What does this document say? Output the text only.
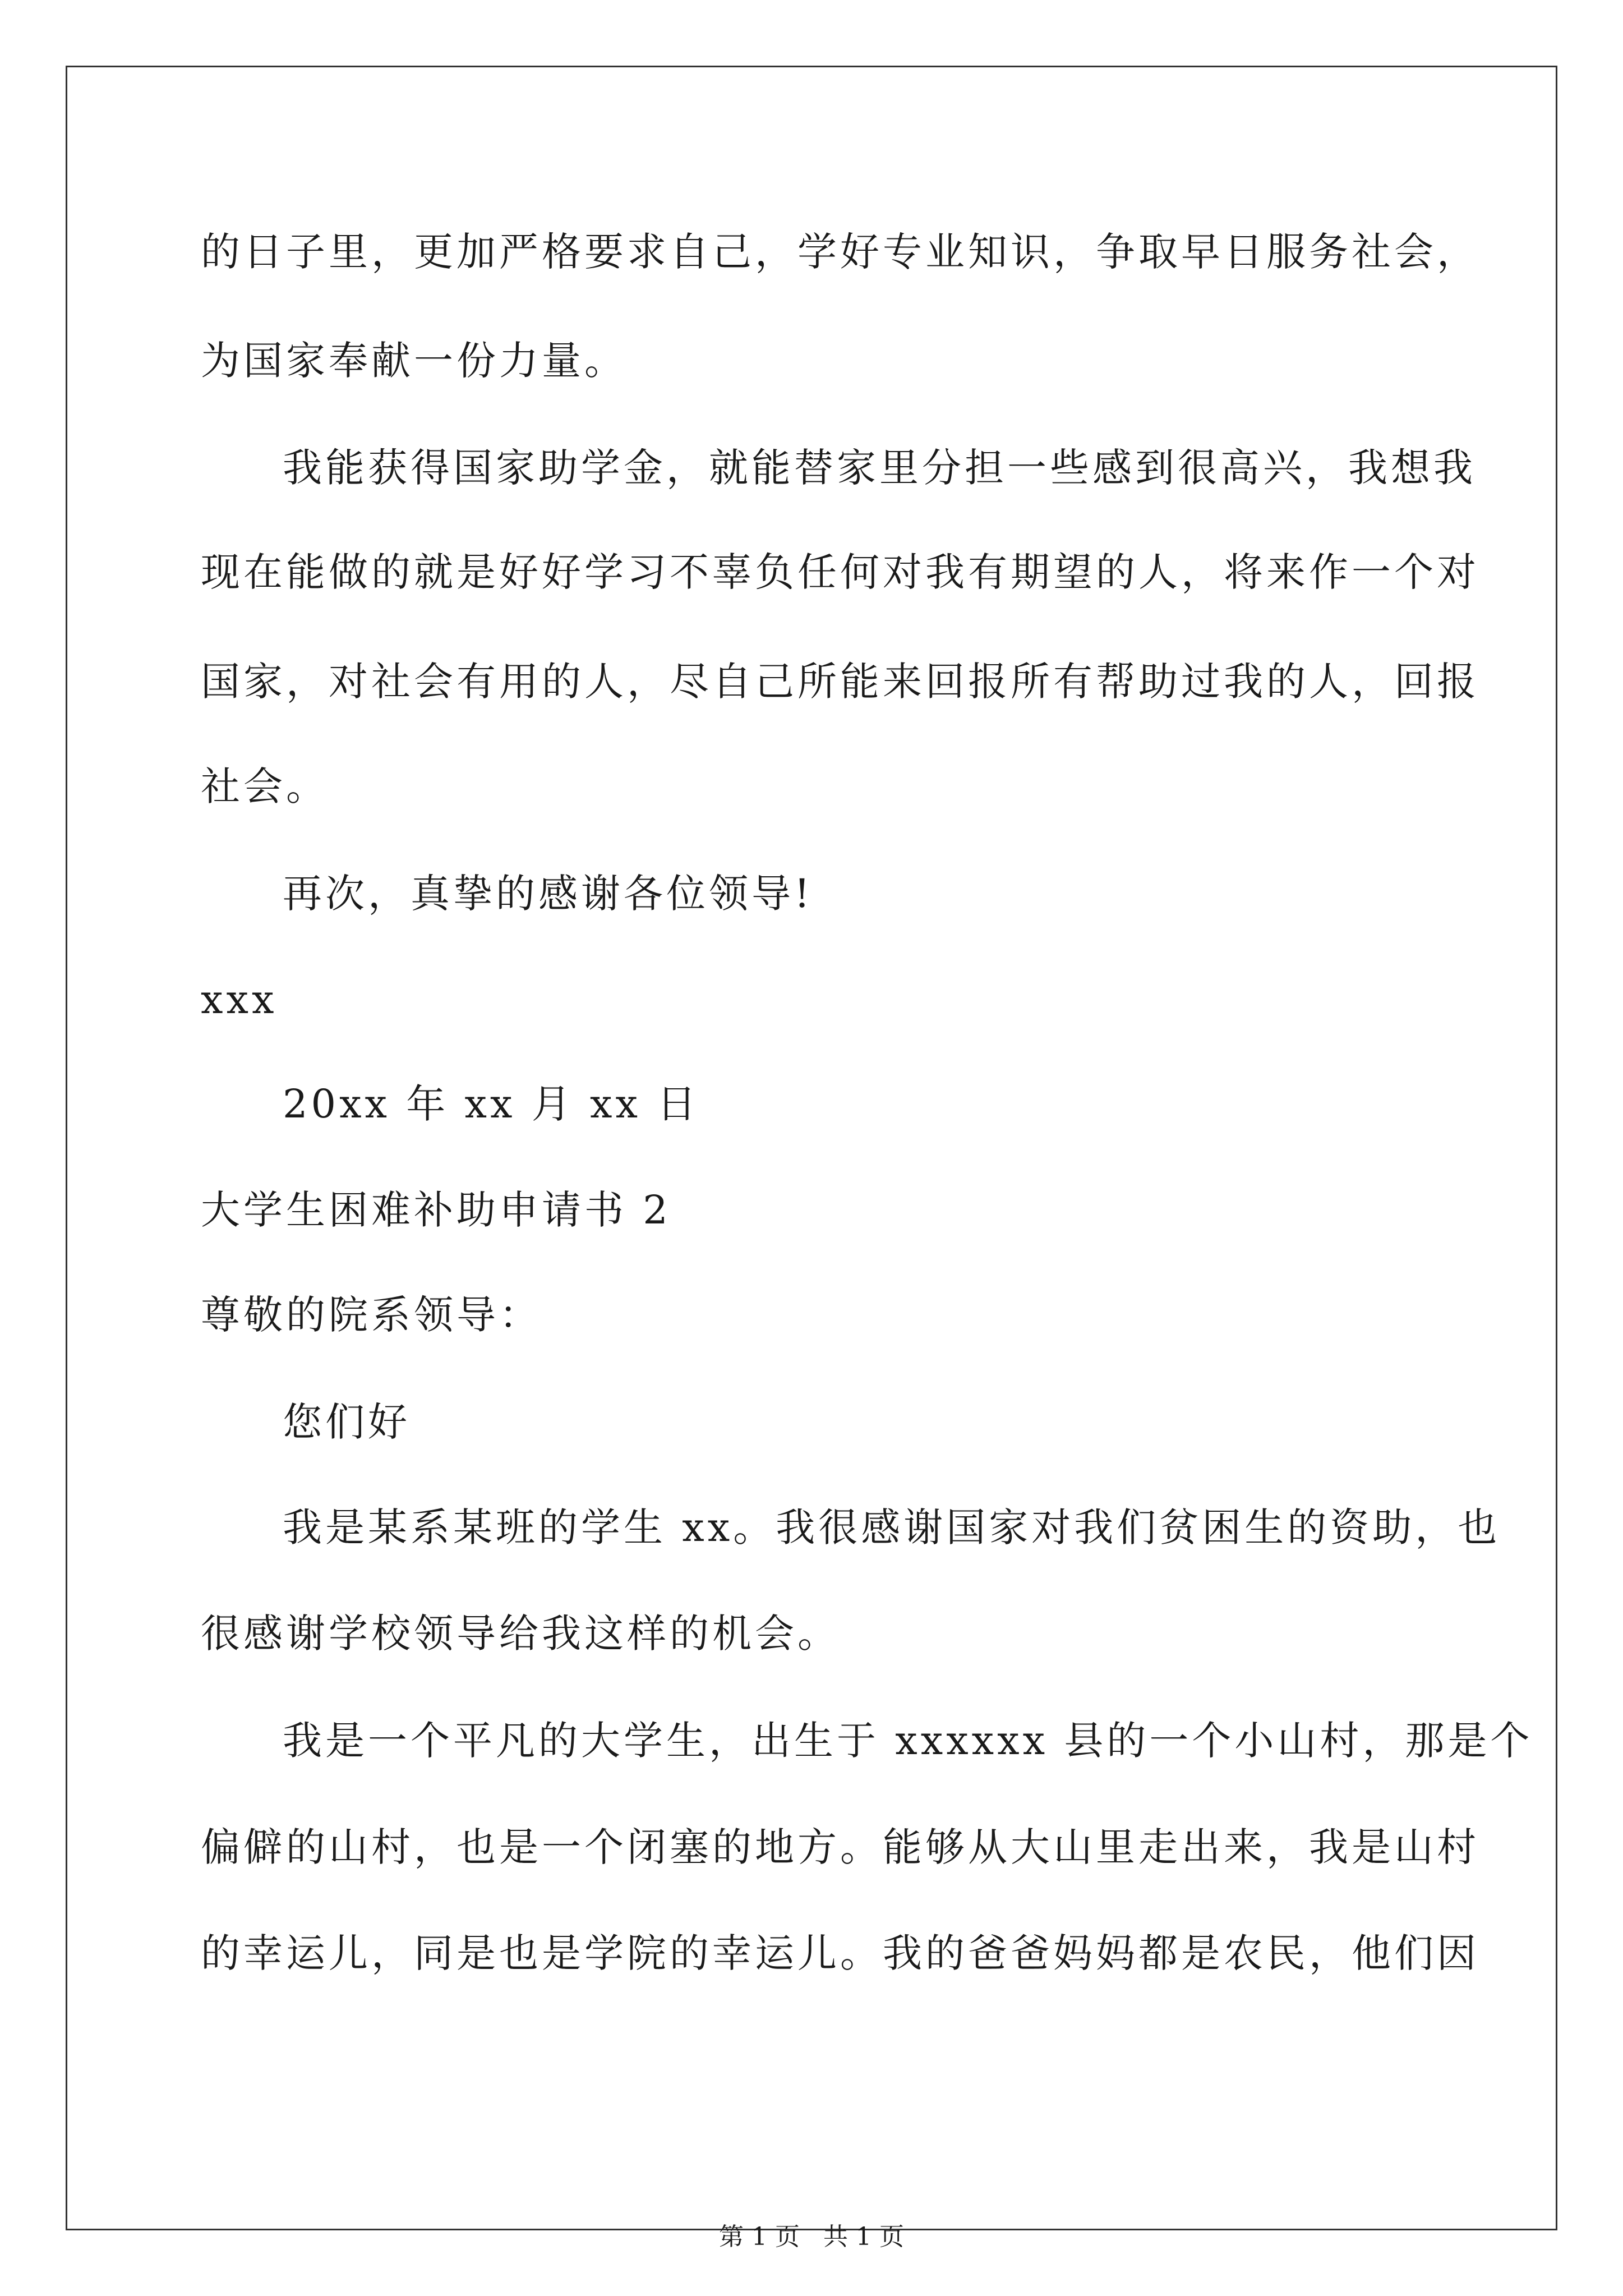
的日子里，更加严格要求自己，学好专业知识，争取早日服务社会，
为国家奉献一份力量。
我能获得国家助学金，就能替家里分担一些感到很高兴，我想我
现在能做的就是好好学习不辜负任何对我有期望的人，将来作一个对
国家，对社会有用的人，尽自己所能来回报所有帮助过我的人，回报
社会。
再次，真挚的感谢各位领导!
xxx
20xx 年 xx 月 xx 日
大学生困难补助申请书 2
尊敬的院系领导：
您们好
我是某系某班的学生 xx。我很感谢国家对我们贫困生的资助，也
很感谢学校领导给我这样的机会。
我是一个平凡的大学生，出生于 xxxxxx 县的一个小山村，那是个
偏僻的山村，也是一个闭塞的地方。能够从大山里走出来，我是山村
的幸运儿，同是也是学院的幸运儿。我的爸爸妈妈都是农民，他们因
第 1 页   共 1 页
